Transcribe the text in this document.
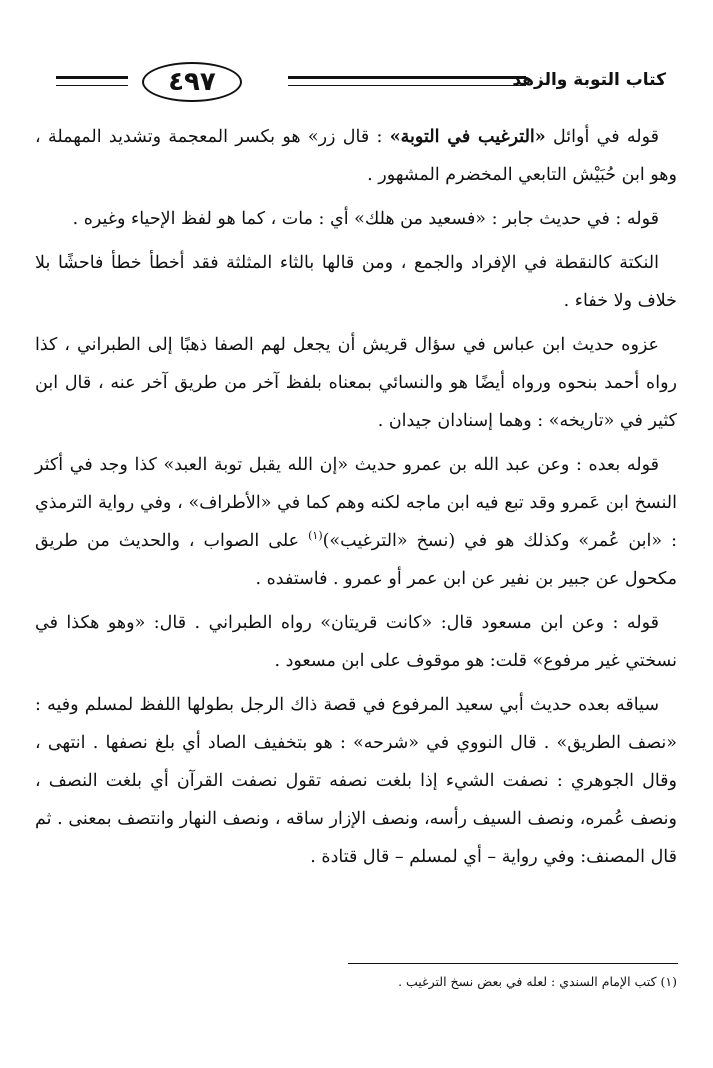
كتاب التوبة والزهد
٤٩٧

قوله في أوائل «الترغيب في التوبة» : قال زر» هو بكسر المعجمة وتشديد المهملة ، وهو ابن حُبَيْش التابعي المخضرم المشهور .

قوله : في حديث جابر : «فسعيد من هلك» أي : مات ، كما هو لفظ الإحياء وغيره .

النكتة كالنقطة في الإفراد والجمع ، ومن قالها بالثاء المثلثة فقد أخطأ خطأ فاحشًا بلا خلاف ولا خفاء .

عزوه حديث ابن عباس في سؤال قريش أن يجعل لهم الصفا ذهبًا إلى الطبراني ، كذا رواه أحمد بنحوه ورواه أيضًا هو والنسائي بمعناه بلفظ آخر من طريق آخر عنه ، قال ابن كثير في «تاريخه» : وهما إسنادان جيدان .

قوله بعده : وعن عبد الله بن عمرو حديث «إن الله يقبل توبة العبد» كذا وجد في أكثر النسخ ابن عَمرو وقد تبع فيه ابن ماجه لكنه وهم كما في «الأطراف» ، وفي رواية الترمذي : «ابن عُمر» وكذلك هو في (نسخ «الترغيب»)$^{(١)}$ على الصواب ، والحديث من طريق مكحول عن جبير بن نفير عن ابن عمر أو عمرو . فاستفده .

قوله : وعن ابن مسعود قال: «كانت قريتان» رواه الطبراني . قال: «وهو هكذا في نسختي غير مرفوع» قلت: هو موقوف على ابن مسعود .

سياقه بعده حديث أبي سعيد المرفوع في قصة ذاك الرجل بطولها اللفظ لمسلم وفيه : «نصف الطريق» . قال النووي في «شرحه» : هو بتخفيف الصاد أي بلغ نصفها . انتهى ، وقال الجوهري : نصفت الشيء إذا بلغت نصفه تقول نصفت القرآن أي بلغت النصف ، ونصف عُمره، ونصف السيف رأسه، ونصف الإزار ساقه ، ونصف النهار وانتصف بمعنى . ثم قال المصنف: وفي رواية – أي لمسلم – قال قتادة .

(١) كتب الإمام السندي : لعله في بعض نسخ الترغيب .
